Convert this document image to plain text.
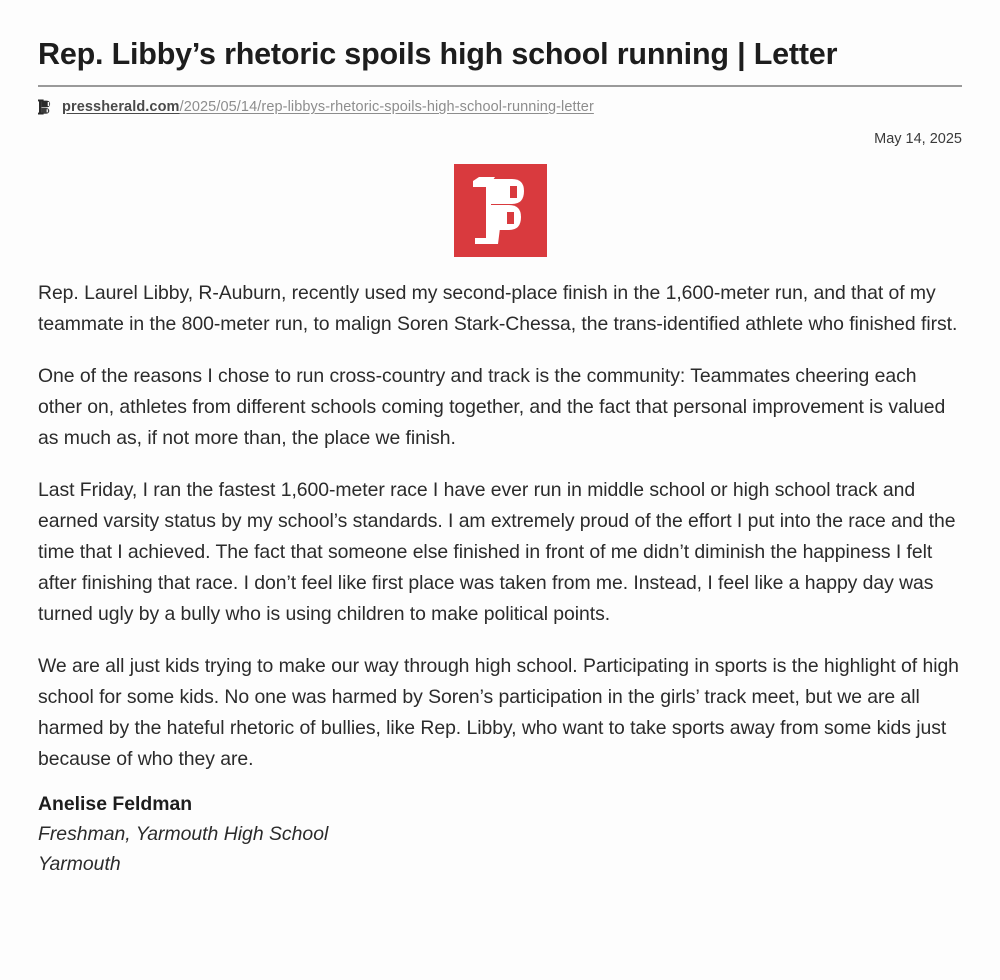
Rep. Libby’s rhetoric spoils high school running | Letter
pressherald.com/2025/05/14/rep-libbys-rhetoric-spoils-high-school-running-letter
May 14, 2025

Rep. Laurel Libby, R-Auburn, recently used my second-place finish in the 1,600-meter run, and that of my teammate in the 800-meter run, to malign Soren Stark-Chessa, the trans-identified athlete who finished first.

One of the reasons I chose to run cross-country and track is the community: Teammates cheering each other on, athletes from different schools coming together, and the fact that personal improvement is valued as much as, if not more than, the place we finish.

Last Friday, I ran the fastest 1,600-meter race I have ever run in middle school or high school track and earned varsity status by my school’s standards. I am extremely proud of the effort I put into the race and the time that I achieved. The fact that someone else finished in front of me didn’t diminish the happiness I felt after finishing that race. I don’t feel like first place was taken from me. Instead, I feel like a happy day was turned ugly by a bully who is using children to make political points.

We are all just kids trying to make our way through high school. Participating in sports is the highlight of high school for some kids. No one was harmed by Soren’s participation in the girls’ track meet, but we are all harmed by the hateful rhetoric of bullies, like Rep. Libby, who want to take sports away from some kids just because of who they are.

Anelise Feldman
Freshman, Yarmouth High School
Yarmouth
